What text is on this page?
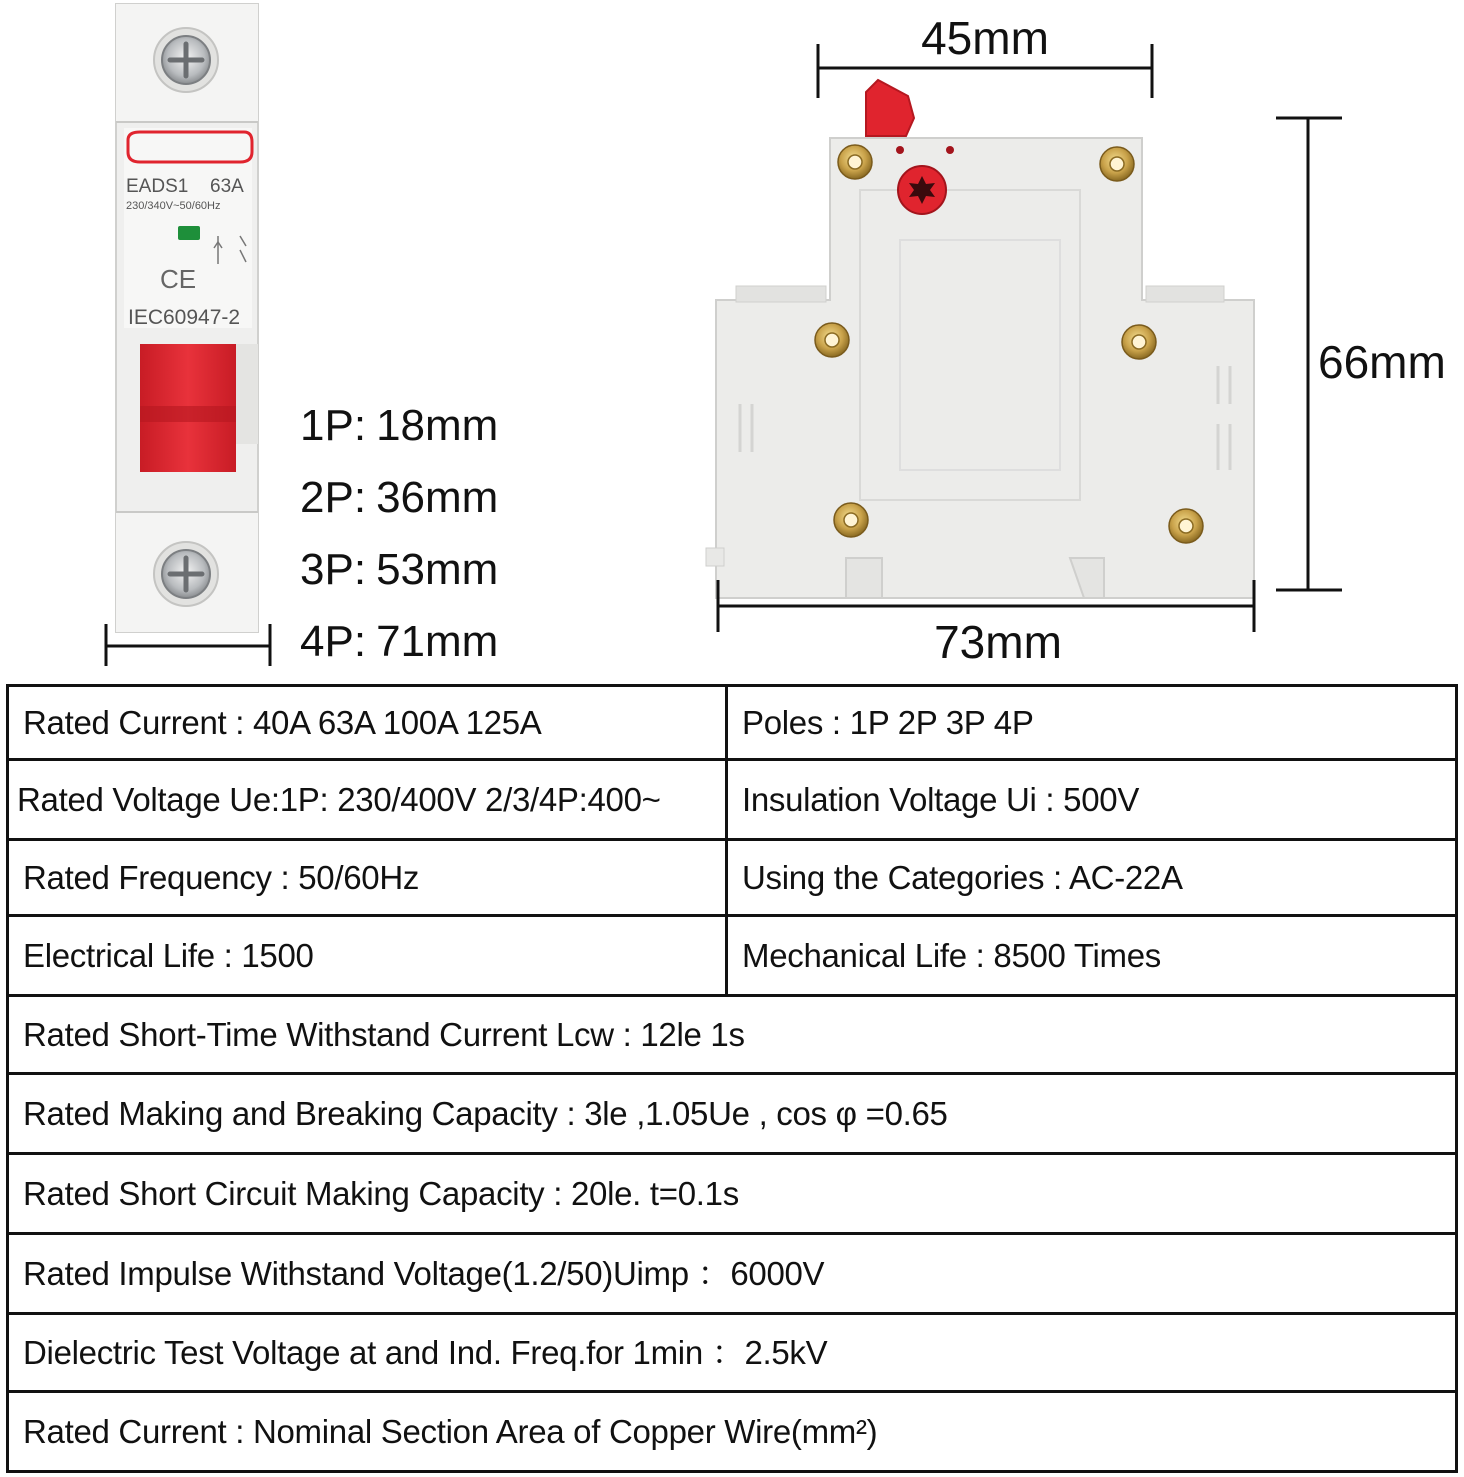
EADS1 63A
230/340V~50/60Hz
CE
IEC60947-2
1P: 18mm
2P: 36mm
3P: 53mm
4P: 71mm
45mm
66mm
73mm
Rated Current : 40A 63A 100A 125A	Poles : 1P 2P 3P 4P
Rated Voltage Ue:1P: 230/400V 2/3/4P:400~	Insulation Voltage Ui : 500V
Rated Frequency : 50/60Hz	Using the Categories : AC-22A
Electrical Life : 1500	Mechanical Life : 8500 Times
Rated Short-Time Withstand Current Lcw : 12le 1s	
Rated Making and Breaking Capacity : 3le ,1.05Ue , cos φ =0.65	
Rated Short Circuit Making Capacity : 20le. t=0.1s	
Rated Impulse Withstand Voltage(1.2/50)Uimp ：6000V	
Dielectric Test Voltage at and Ind. Freq.for 1min ：2.5kV	
Rated Current : Nominal Section Area of Copper Wire(mm²)	
